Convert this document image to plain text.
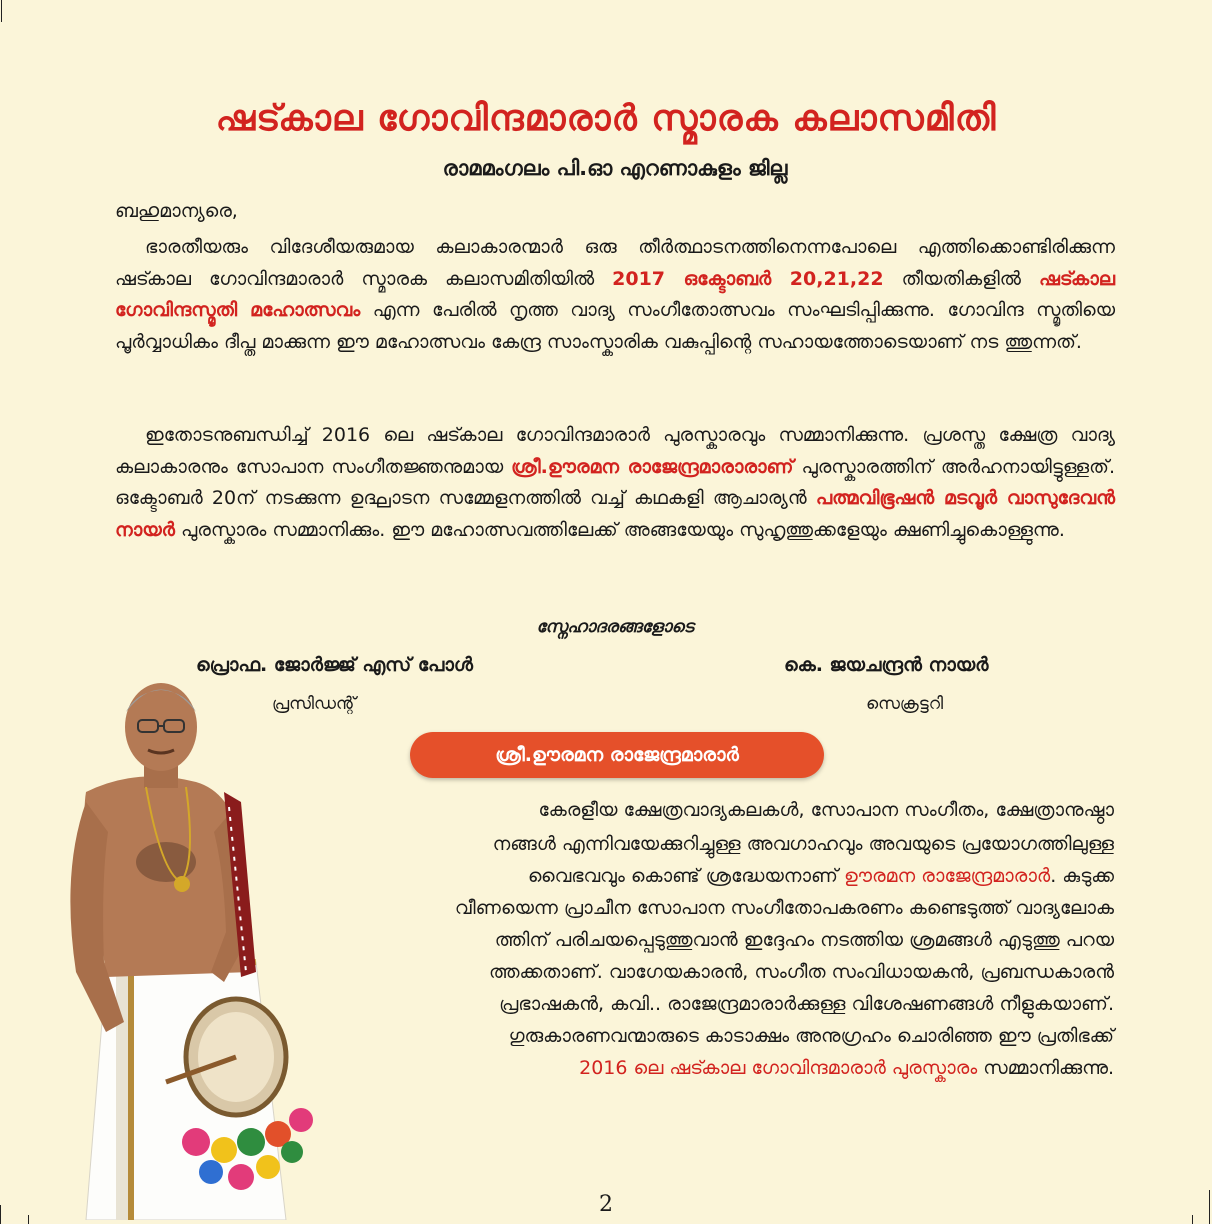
ഷട്കാല ഗോവിന്ദമാരാർ സ്മാരക കലാസമിതി
രാമമംഗലം പി.ഓ എറണാകുളം ജില്ല
ബഹുമാന്യരെ,

ഭാരതീയരും വിദേശീയരുമായ കലാകാരന്മാർ ഒരു തീർത്ഥാടനത്തിനെന്നപോലെ എത്തിക്കൊണ്ടിരിക്കുന്ന ഷട്കാല ഗോവിന്ദമാരാർ സ്മാരക കലാസമിതിയിൽ 2017 ഒക്ടോബർ 20,21,22 തീയതികളിൽ ഷട്കാല ഗോവിന്ദസ്മൃതി മഹോത്സവം എന്ന പേരിൽ നൃത്ത വാദ്യ സംഗീതോത്സവം സംഘടിപ്പിക്കുന്നു. ഗോവിന്ദ സ്മൃതിയെ പൂർവ്വാധികം ദീപ്ത മാക്കുന്ന ഈ മഹോത്സവം കേന്ദ്ര സാംസ്കാരിക വകുപ്പിന്റെ സഹായത്തോടെയാണ് നട ത്തുന്നത്.

ഇതോടനുബന്ധിച്ച് 2016 ലെ ഷട്കാല ഗോവിന്ദമാരാർ പുരസ്കാരവും സമ്മാനിക്കുന്നു. പ്രശസ്ത ക്ഷേത്ര വാദ്യ കലാകാരനും സോപാന സംഗീതജ്ഞനുമായ ശ്രീ.ഊരമന രാജേന്ദ്രമാരാരാണ് പുരസ്കാരത്തിന് അർഹനായിട്ടുള്ളത്. ഒക്ടോബർ 20ന് നടക്കുന്ന ഉദ്ഘാടന സമ്മേളനത്തിൽ വച്ച് കഥകളി ആചാര്യൻ പത്മവിഭൂഷൻ മടവൂർ വാസുദേവൻ നായർ പുരസ്കാരം സമ്മാനിക്കും. ഈ മഹോത്സവത്തിലേക്ക് അങ്ങയേയും സുഹൃത്തുക്കളേയും ക്ഷണിച്ചുകൊള്ളുന്നു.

സ്നേഹാദരങ്ങളോടെ
പ്രൊഫ. ജോർജ്ജ് എസ് പോൾ
പ്രസിഡന്റ്
കെ. ജയചന്ദ്രൻ നായർ
സെക്രട്ടറി
ശ്രീ.ഊരമന രാജേന്ദ്രമാരാർ
കേരളീയ ക്ഷേത്രവാദ്യകലകൾ, സോപാന സംഗീതം, ക്ഷേത്രാനുഷ്ഠാ
നങ്ങൾ എന്നിവയേക്കുറിച്ചുള്ള അവഗാഹവും അവയുടെ പ്രയോഗത്തിലുള്ള
വൈഭവവും കൊണ്ട് ശ്രദ്ധേയനാണ് ഊരമന രാജേന്ദ്രമാരാർ. കുടുക്ക
വീണയെന്ന പ്രാചീന സോപാന സംഗീതോപകരണം കണ്ടെടുത്ത് വാദ്യലോക
ത്തിന് പരിചയപ്പെടുത്തുവാൻ ഇദ്ദേഹം നടത്തിയ ശ്രമങ്ങൾ എടുത്തു പറയ
ത്തക്കതാണ്. വാഗേയകാരൻ, സംഗീത സംവിധായകൻ, പ്രബന്ധകാരൻ
പ്രഭാഷകൻ, കവി.. രാജേന്ദ്രമാരാർക്കുള്ള വിശേഷണങ്ങൾ നീളുകയാണ്.
ഗുരുകാരണവന്മാരുടെ കാടാക്ഷം അനുഗ്രഹം ചൊരിഞ്ഞ ഈ പ്രതിഭക്ക്
2016 ലെ ഷട്കാല ഗോവിന്ദമാരാർ പുരസ്കാരം സമ്മാനിക്കുന്നു.
2
